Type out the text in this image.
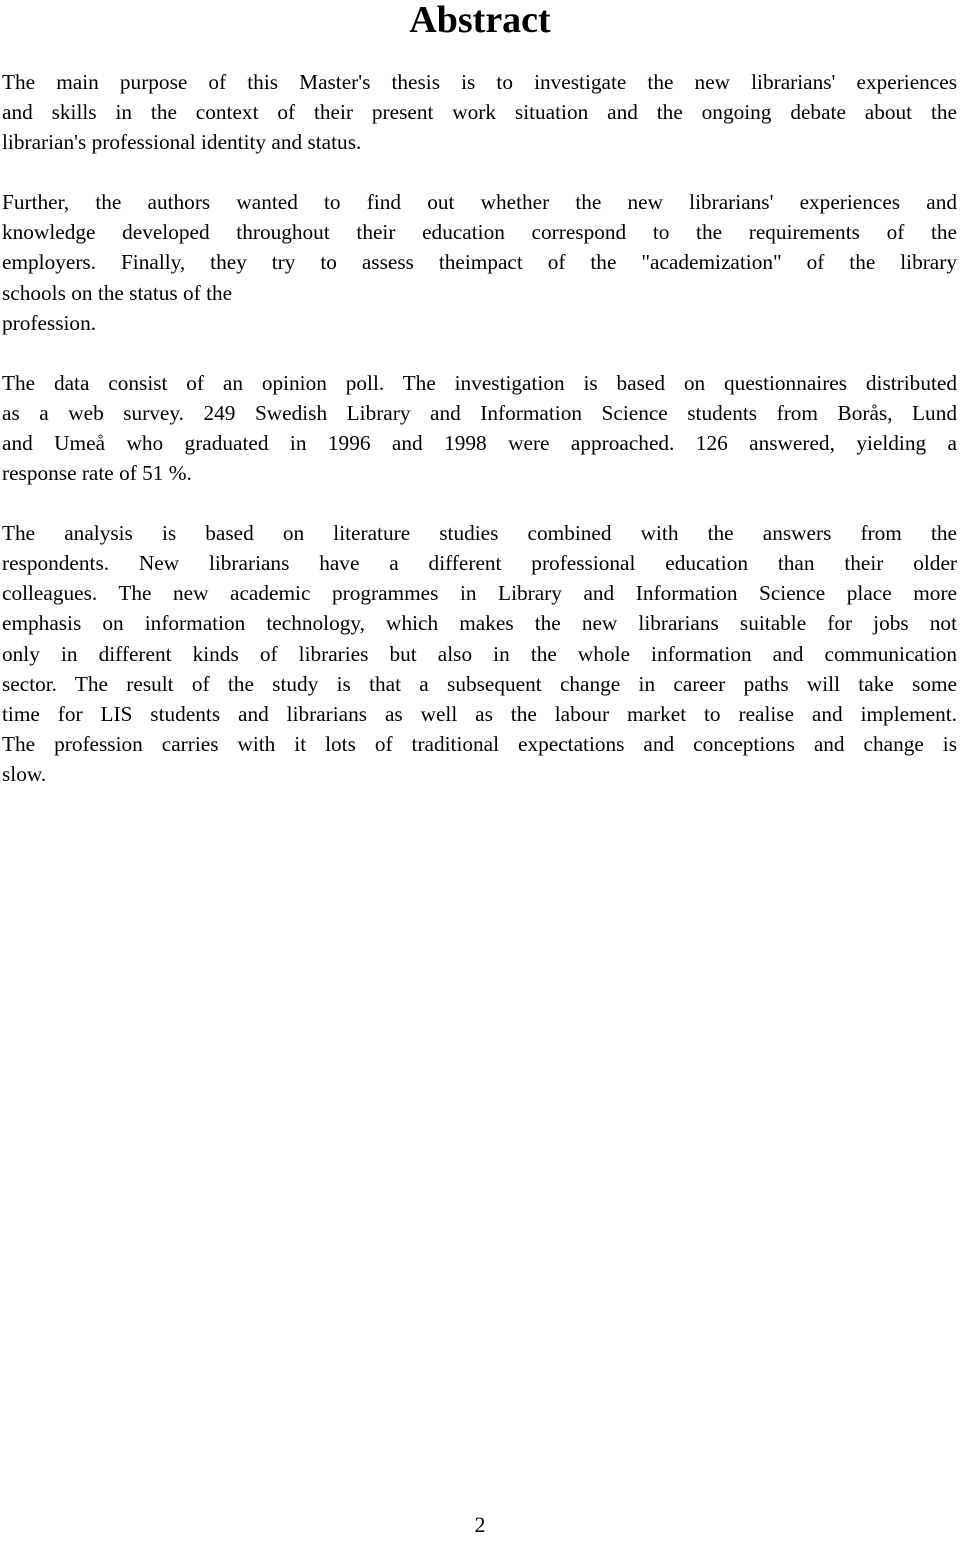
Abstract

The main purpose of this Master's thesis is to investigate the new librarians' experiences
and skills in the context of their present work situation and the ongoing debate about the
librarian's professional identity and status.

Further, the authors wanted to find out whether the new librarians' experiences and
knowledge developed throughout their education correspond to the requirements of the
employers. Finally, they try to assess theimpact of the "academization" of the library
schools on the status of the
profession.

The data consist of an opinion poll. The investigation is based on questionnaires distributed
as a web survey. 249 Swedish Library and Information Science students from Borås, Lund
and Umeå who graduated in 1996 and 1998 were approached. 126 answered, yielding a
response rate of 51 %.

The analysis is based on literature studies combined with the answers from the
respondents. New librarians have a different professional education than their older
colleagues. The new academic programmes in Library and Information Science place more
emphasis on information technology, which makes the new librarians suitable for jobs not
only in different kinds of libraries but also in the whole information and communication
sector. The result of the study is that a subsequent change in career paths will take some
time for LIS students and librarians as well as the labour market to realise and implement.
The profession carries with it lots of traditional expectations and conceptions and change is
slow.

2
